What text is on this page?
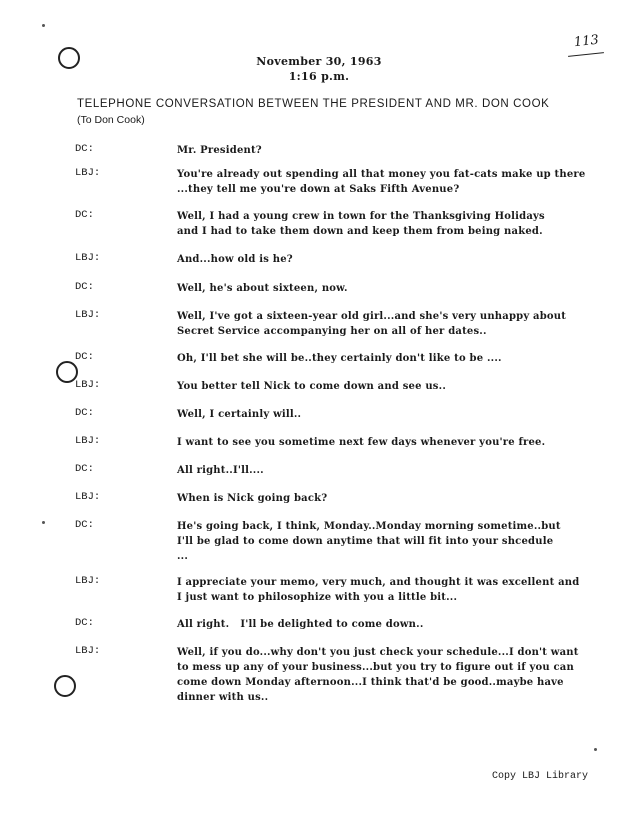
113
November 30, 1963
1:16 p.m.
TELEPHONE CONVERSATION BETWEEN THE PRESIDENT AND MR. DON COOK
(To Don Cook)
DC:	Mr. President?
LBJ:	You're already out spending all that money you fat-cats make up there
...they tell me you're down at Saks Fifth Avenue?
DC:	Well, I had a young crew in town for the Thanksgiving Holidays
and I had to take them down and keep them from being naked.
LBJ:	And...how old is he?
DC:	Well, he's about sixteen, now.
LBJ:	Well, I've got a sixteen-year old girl...and she's very unhappy about
Secret Service accompanying her on all of her dates..
DC:	Oh, I'll bet she will be..they certainly don't like to be ....
LBJ:	You better tell Nick to come down and see us..
DC:	Well, I certainly will..
LBJ:	I want to see you sometime next few days whenever you're free.
DC:	All right..I'll....
LBJ:	When is Nick going back?
DC:	He's going back, I think, Monday..Monday morning sometime..but
I'll be glad to come down anytime that will fit into your shcedule
...
LBJ:	I appreciate your memo, very much, and thought it was excellent and
I just want to philosophize with you a little bit...
DC:	All right.   I'll be delighted to come down..
LBJ:	Well, if you do...why don't you just check your schedule...I don't want
to mess up any of your business...but you try to figure out if you can
come down Monday afternoon...I think that'd be good..maybe have
dinner with us..
Copy LBJ Library
